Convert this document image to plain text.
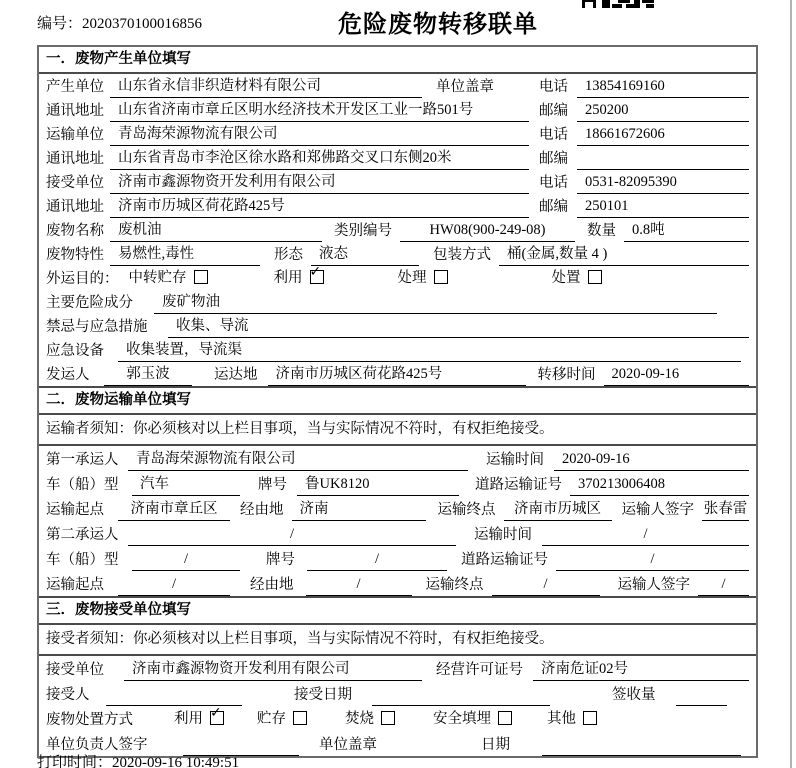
编号：2020370100016856	危险废物转移联单
一．废物产生单位填写
产生单位 山东省永信非织造材料有限公司	单位盖章	电话	13854169160
通讯地址 山东省济南市章丘区明水经济技术开发区工业一路501号	邮编	250200
运输单位 青岛海荣源物流有限公司	电话	18661672606
通讯地址 山东省青岛市李沧区徐水路和郑佛路交叉口东侧20米	邮编
接受单位 济南市鑫源物资开发利用有限公司	电话	0531-82095390
通讯地址 济南市历城区荷花路425号	邮编	250101
废物名称 废机油	类别编号	HW08(900-249-08)	数量	0.8吨
废物特性 易燃性,毒性	形态	液态	包装方式	桶(金属,数量 4 )
外运目的： 中转贮存	利用 ✓	处理	处置
主要危险成分	废矿物油
禁忌与应急措施	收集、导流
应急设备	收集装置，导流渠
发运人	郭玉波	运达地	济南市历城区荷花路425号	转移时间	2020-09-16
二．废物运输单位填写
运输者须知：你必须核对以上栏目事项，当与实际情况不符时，有权拒绝接受。
第一承运人	青岛海荣源物流有限公司	运输时间	2020-09-16
车（船）型	汽车	牌号	鲁UK8120	道路运输证号	370213006408
运输起点	济南市章丘区	经由地	济南	运输终点	济南市历城区	运输人签字 张春雷
第二承运人	/	运输时间	/
车（船）型	/	牌号	/	道路运输证号	/
运输起点	/	经由地	/	运输终点	/	运输人签字	/
三．废物接受单位填写
接受者须知：你必须核对以上栏目事项，当与实际情况不符时，有权拒绝接受。
接受单位	济南市鑫源物资开发利用有限公司	经营许可证号	济南危证02号
接受人	接受日期	签收量
废物处置方式	利用 ✓ 贮存	焚烧	安全填埋	其他
单位负责人签字	单位盖章	日期
打印时间：2020-09-16 10:49:51
